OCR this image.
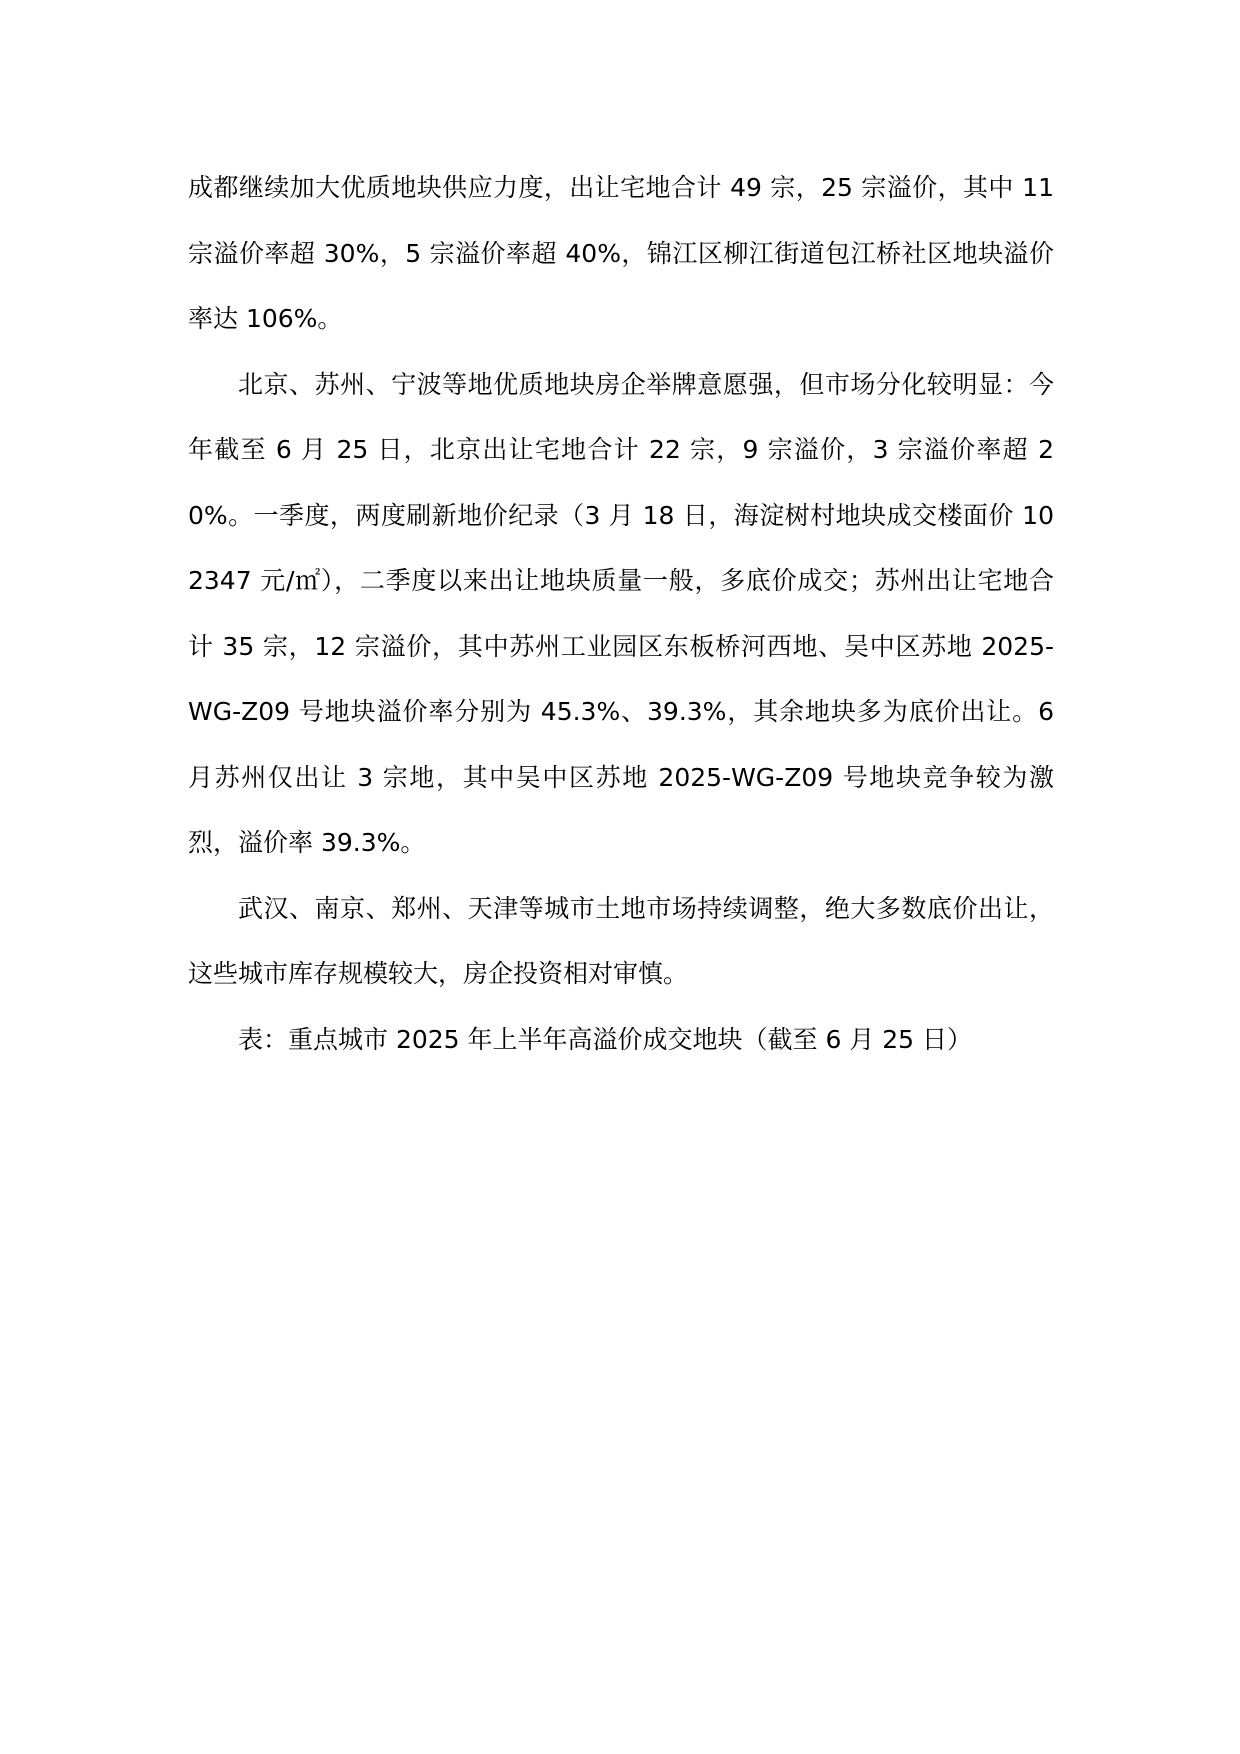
成都继续加大优质地块供应力度，出让宅地合计 49 宗，25 宗溢价，其中 11 宗溢价率超 30%，5 宗溢价率超 40%，锦江区柳江街道包江桥社区地块溢价率达 106%。

北京、苏州、宁波等地优质地块房企举牌意愿强，但市场分化较明显：今年截至 6 月 25 日，北京出让宅地合计 22 宗，9 宗溢价，3 宗溢价率超 20%。一季度，两度刷新地价纪录（3 月 18 日，海淀树村地块成交楼面价 102347 元/㎡），二季度以来出让地块质量一般，多底价成交；苏州出让宅地合计 35 宗，12 宗溢价，其中苏州工业园区东板桥河西地、吴中区苏地 2025-WG-Z09 号地块溢价率分别为 45.3%、39.3%，其余地块多为底价出让。6 月苏州仅出让 3 宗地，其中吴中区苏地 2025-WG-Z09 号地块竞争较为激烈，溢价率 39.3%。

武汉、南京、郑州、天津等城市土地市场持续调整，绝大多数底价出让，这些城市库存规模较大，房企投资相对审慎。

表：重点城市 2025 年上半年高溢价成交地块（截至 6 月 25 日）
